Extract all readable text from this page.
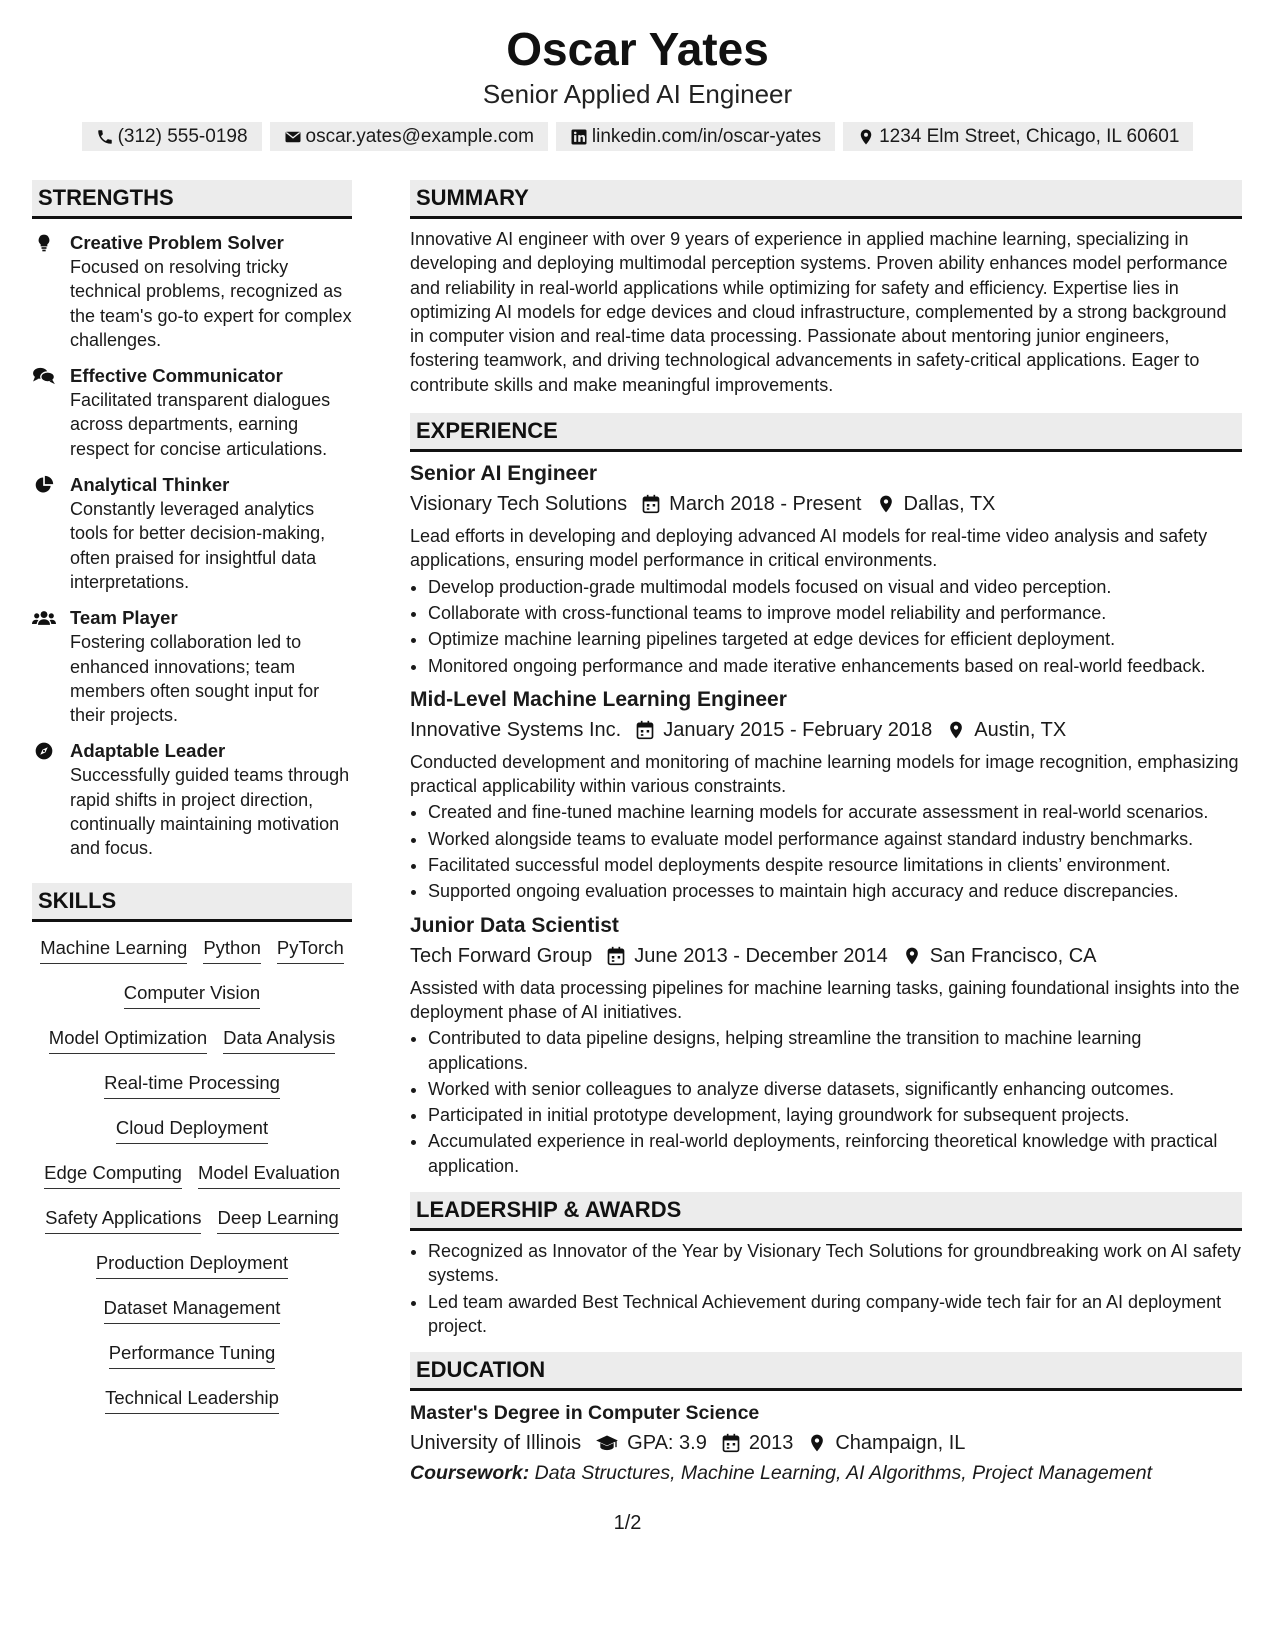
Oscar Yates
Senior Applied AI Engineer
(312) 555-0198	oscar.yates@example.com	linkedin.com/in/oscar-yates	1234 Elm Street, Chicago, IL 60601
STRENGTHS
Creative Problem Solver
Focused on resolving tricky technical problems, recognized as the team's go-to expert for complex challenges.
Effective Communicator
Facilitated transparent dialogues across departments, earning respect for concise articulations.
Analytical Thinker
Constantly leveraged analytics tools for better decision-making, often praised for insightful data interpretations.
Team Player
Fostering collaboration led to enhanced innovations; team members often sought input for their projects.
Adaptable Leader
Successfully guided teams through rapid shifts in project direction, continually maintaining motivation and focus.
SKILLS
Machine Learning Python PyTorch
Computer Vision
Model Optimization Data Analysis
Real-time Processing
Cloud Deployment
Edge Computing Model Evaluation
Safety Applications Deep Learning
Production Deployment
Dataset Management
Performance Tuning
Technical Leadership
SUMMARY
Innovative AI engineer with over 9 years of experience in applied machine learning, specializing in developing and deploying multimodal perception systems. Proven ability enhances model performance and reliability in real-world applications while optimizing for safety and efficiency. Expertise lies in optimizing AI models for edge devices and cloud infrastructure, complemented by a strong background in computer vision and real-time data processing. Passionate about mentoring junior engineers, fostering teamwork, and driving technological advancements in safety-critical applications. Eager to contribute skills and make meaningful improvements.
EXPERIENCE
Senior AI Engineer
Visionary Tech Solutions March 2018 - Present Dallas, TX
Lead efforts in developing and deploying advanced AI models for real-time video analysis and safety applications, ensuring model performance in critical environments.
• Develop production-grade multimodal models focused on visual and video perception.
• Collaborate with cross-functional teams to improve model reliability and performance.
• Optimize machine learning pipelines targeted at edge devices for efficient deployment.
• Monitored ongoing performance and made iterative enhancements based on real-world feedback.
Mid-Level Machine Learning Engineer
Innovative Systems Inc. January 2015 - February 2018 Austin, TX
Conducted development and monitoring of machine learning models for image recognition, emphasizing practical applicability within various constraints.
• Created and fine-tuned machine learning models for accurate assessment in real-world scenarios.
• Worked alongside teams to evaluate model performance against standard industry benchmarks.
• Facilitated successful model deployments despite resource limitations in clients’ environment.
• Supported ongoing evaluation processes to maintain high accuracy and reduce discrepancies.
Junior Data Scientist
Tech Forward Group June 2013 - December 2014 San Francisco, CA
Assisted with data processing pipelines for machine learning tasks, gaining foundational insights into the deployment phase of AI initiatives.
• Contributed to data pipeline designs, helping streamline the transition to machine learning applications.
• Worked with senior colleagues to analyze diverse datasets, significantly enhancing outcomes.
• Participated in initial prototype development, laying groundwork for subsequent projects.
• Accumulated experience in real-world deployments, reinforcing theoretical knowledge with practical application.
LEADERSHIP & AWARDS
• Recognized as Innovator of the Year by Visionary Tech Solutions for groundbreaking work on AI safety systems.
• Led team awarded Best Technical Achievement during company-wide tech fair for an AI deployment project.
EDUCATION
Master's Degree in Computer Science
University of Illinois GPA: 3.9 2013 Champaign, IL
Coursework: Data Structures, Machine Learning, AI Algorithms, Project Management
1/2
